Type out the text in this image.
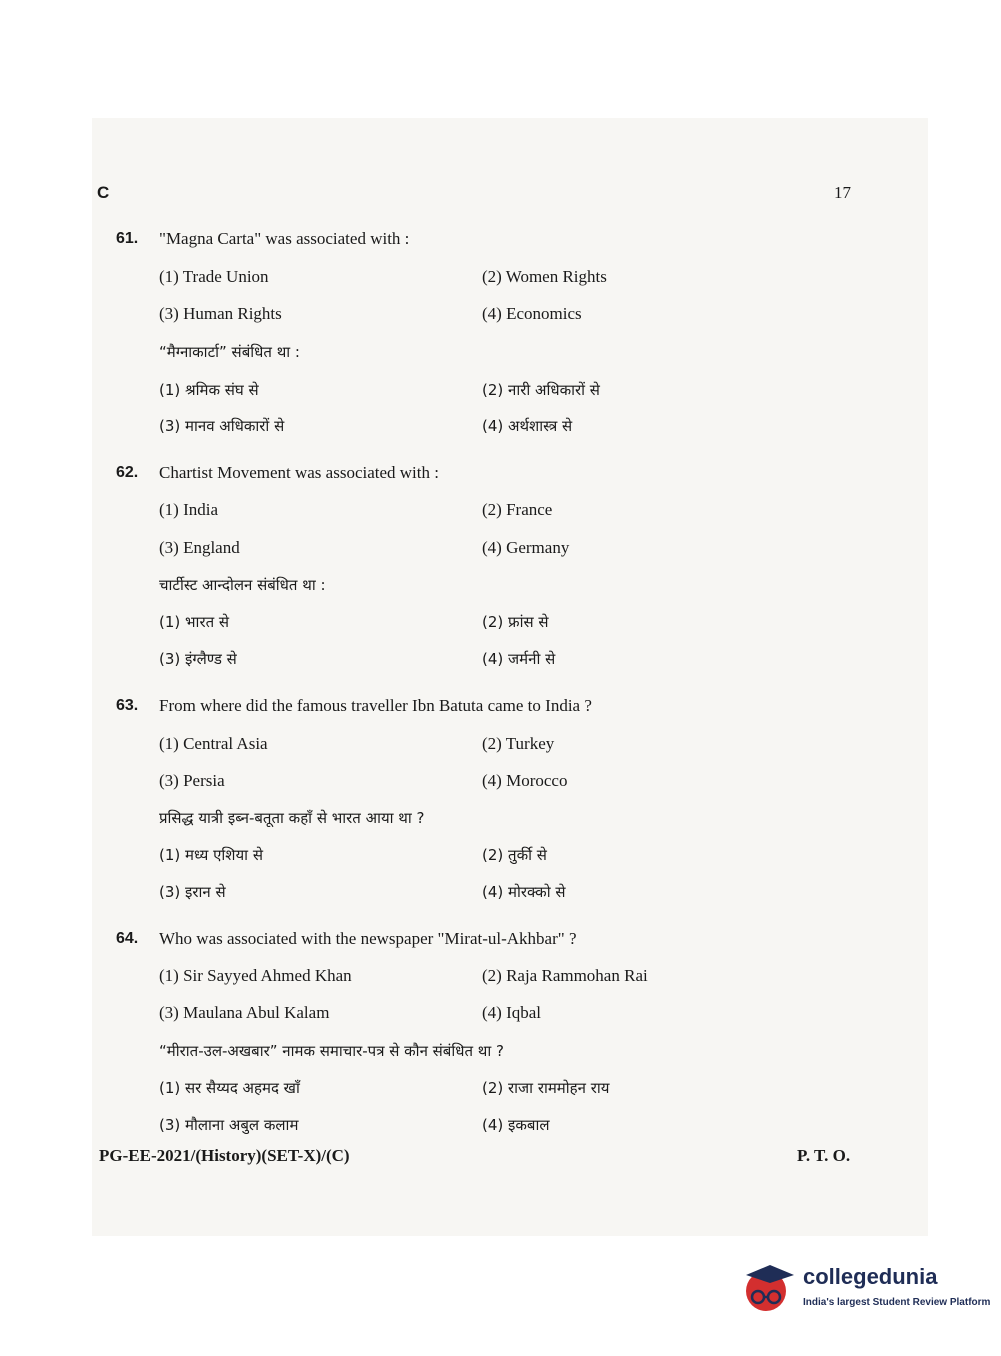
C	17
61. "Magna Carta" was associated with :
(1) Trade Union	(2) Women Rights
(3) Human Rights	(4) Economics
“मैग्नाकार्टा” संबंधित था :
(1) श्रमिक संघ से	(2) नारी अधिकारों से
(3) मानव अधिकारों से	(4) अर्थशास्त्र से
62. Chartist Movement was associated with :
(1) India	(2) France
(3) England	(4) Germany
चार्टीस्ट आन्दोलन संबंधित था :
(1) भारत से	(2) फ्रांस से
(3) इंग्लैण्ड से	(4) जर्मनी से
63. From where did the famous traveller Ibn Batuta came to India ?
(1) Central Asia	(2) Turkey
(3) Persia	(4) Morocco
प्रसिद्ध यात्री इब्न-बतूता कहाँ से भारत आया था ?
(1) मध्य एशिया से	(2) तुर्की से
(3) इरान से	(4) मोरक्को से
64. Who was associated with the newspaper "Mirat-ul-Akhbar" ?
(1) Sir Sayyed Ahmed Khan	(2) Raja Rammohan Rai
(3) Maulana Abul Kalam	(4) Iqbal
“मीरात-उल-अखबार” नामक समाचार-पत्र से कौन संबंधित था ?
(1) सर सैय्यद अहमद खाँ	(2) राजा राममोहन राय
(3) मौलाना अबुल कलाम	(4) इकबाल
PG-EE-2021/(History)(SET-X)/(C)	P. T. O.
collegedunia
India's largest Student Review Platform
